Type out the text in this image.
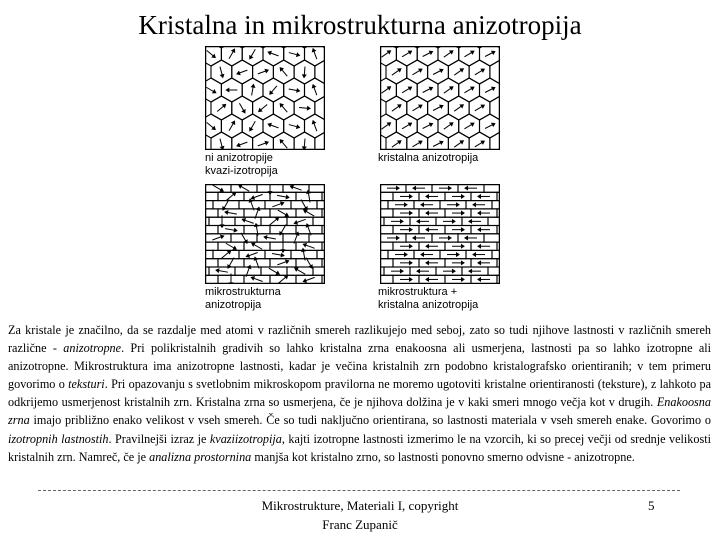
Kristalna in mikrostrukturna anizotropija
ni anizotropije
kvazi-izotropija
kristalna anizotropija
mikrostrukturna
anizotropija
mikrostruktura +
kristalna anizotropija
Za kristale je značilno, da se razdalje med atomi v različnih smereh razlikujejo med seboj, zato so tudi njihove lastnosti v različnih smereh različne - anizotropne. Pri polikristalnih gradivih so lahko kristalna zrna enakoosna ali usmerjena, lastnosti pa so lahko izotropne ali anizotropne. Mikrostruktura ima anizotropne lastnosti, kadar je večina kristalnih zrn podobno kristalografsko orientiranih; v tem primeru govorimo o teksturi. Pri opazovanju s svetlobnim mikroskopom pravilorna ne moremo ugotoviti kristalne orientiranosti (teksture), z lahkoto pa odkrijemo usmerjenost kristalnih zrn. Kristalna zrna so usmerjena, če je njihova dolžina je v kaki smeri mnogo večja kot v drugih. Enakoosna zrna imajo približno enako velikost v vseh smereh. Če so tudi naključno orientirana, so lastnosti materiala v vseh smereh enake. Govorimo o izotropnih lastnostih. Pravilnejši izraz je kvaziizotropija, kajti izotropne lastnosti izmerimo le na vzorcih, ki so precej večji od srednje velikosti kristalnih zrn. Namreč, če je analizna prostornina manjša kot kristalno zrno, so lastnosti ponovno smerno odvisne - anizotropne.
Mikrostrukture, Materiali I, copyright
Franc Zupanič
5
